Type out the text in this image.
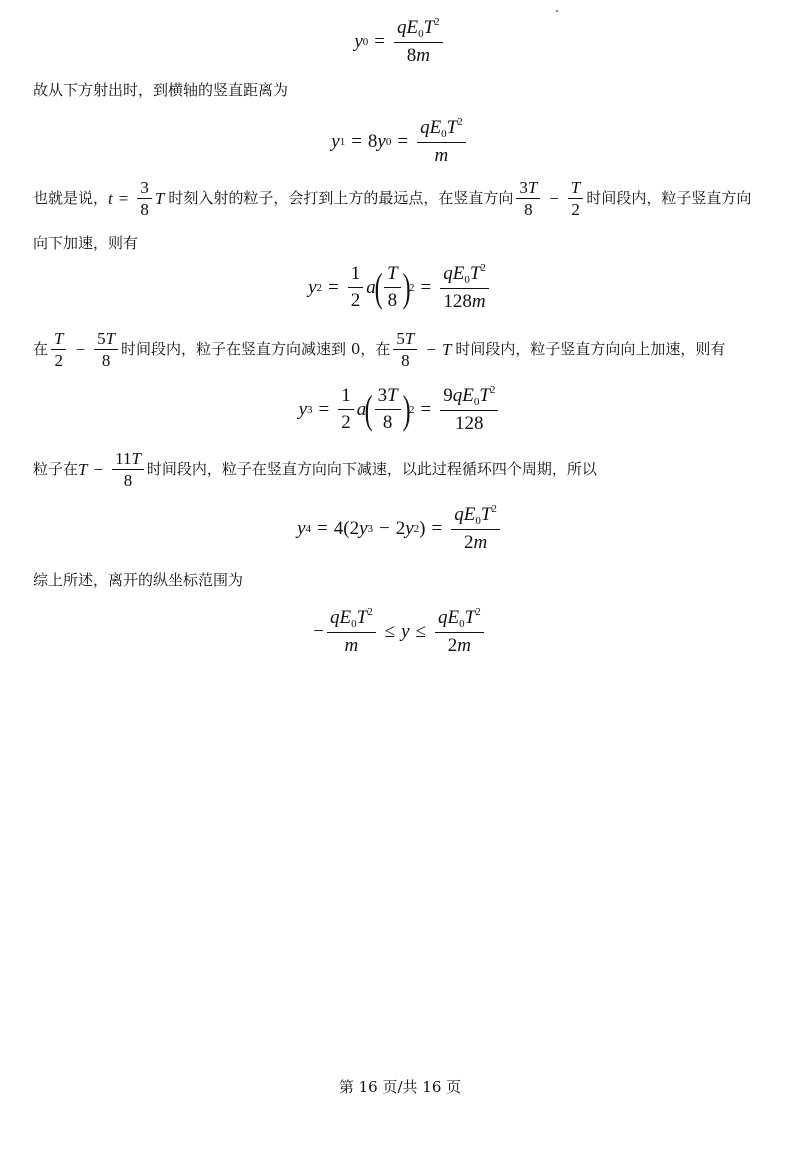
y $0 = \frac{qE_0T^2}{8m}$
故从下方射出时，到横轴的竖直距离为
y 1 = 8 y $0 = \frac{qE_0T^2}{m}$
也就是说， $t = \frac{3}{8}$ T 时刻入射的粒子，会打到上方的最远点，在竖直方向 $\frac{3T}{8} - \frac{T}{2}$ 时间段内，粒子竖直方向
向下加速，则有
y $2 = \frac{1}{2}$ a
( $\frac{T}{8}$ )
$2 = \frac{qE_0T^2}{128m}$
在 $\frac{T}{2} - \frac{5T}{8}$ 时间段内，粒子在竖直方向减速到 0，在 $\frac{5T}{8} - T$ 时间段内，粒子竖直方向向上加速，则有
y $3 = \frac{1}{2}$ a
( $\frac{3T}{8}$ )
$2 = \frac{9qE_0T^2}{128}$
粒子在 $T - \frac{11T}{8}$ 时间段内，粒子在竖直方向向下减速，以此过程循环四个周期，所以
y 4 = 4(2 y 3 − 2 y 2 ) = $\frac{qE_0T^2}{2m}$
综上所述，离开的纵坐标范围为
− $\frac{qE_0T^2}{m} \le y \le \frac{qE_0T^2}{2m}$
第 16 页/共 16 页
